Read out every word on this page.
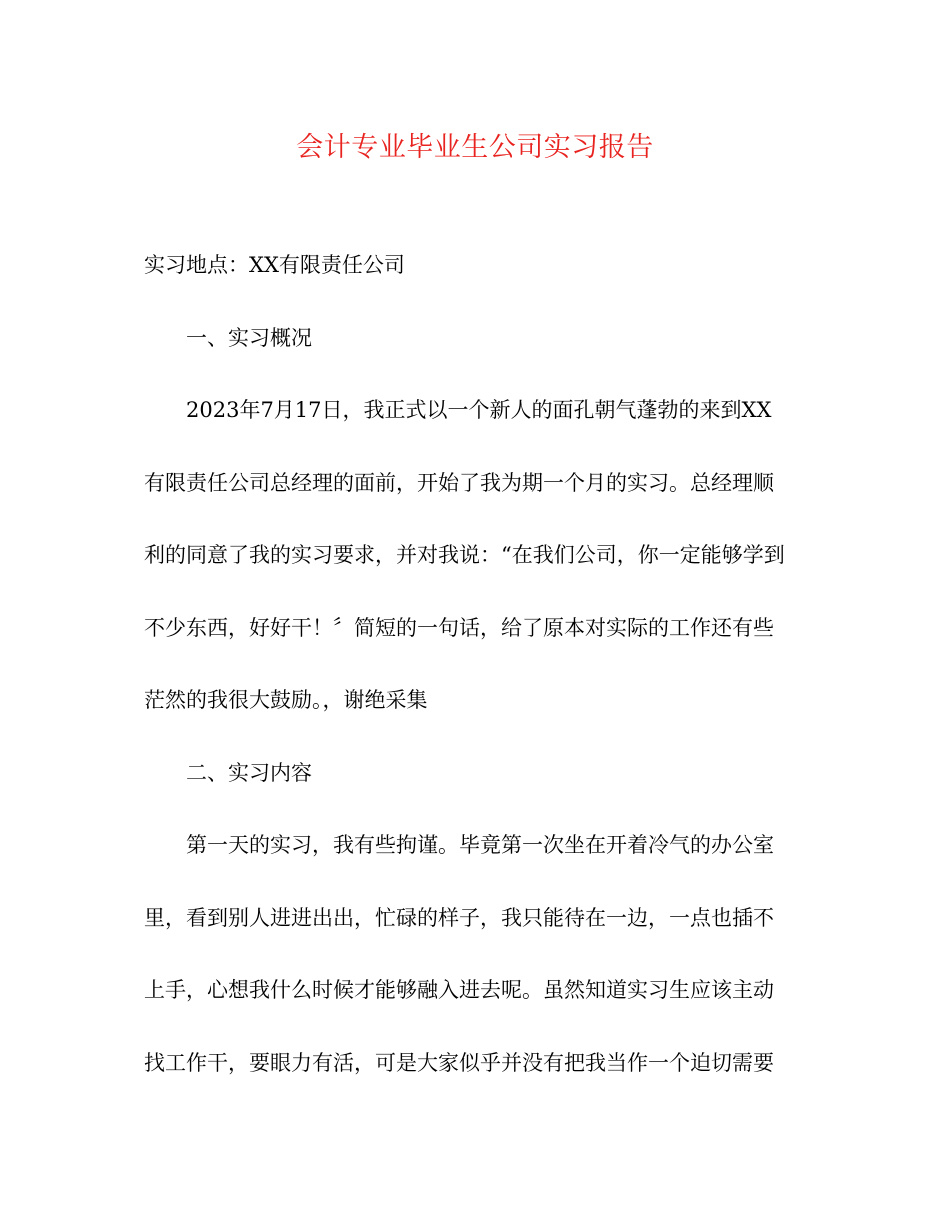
会计专业毕业生公司实习报告
实习地点：XX有限责任公司
一、实习概况
2023年7月17日，我正式以一个新人的面孔朝气蓬勃的来到XX
有限责任公司总经理的面前，开始了我为期一个月的实习。总经理顺
利的同意了我的实习要求，并对我说：“在我们公司，你一定能够学到
不少东西，好好干！〞简短的一句话，给了原本对实际的工作还有些
茫然的我很大鼓励。，谢绝采集
二、实习内容
第一天的实习，我有些拘谨。毕竟第一次坐在开着冷气的办公室
里，看到别人进进出出，忙碌的样子，我只能待在一边，一点也插不
上手，心想我什么时候才能够融入进去呢。虽然知道实习生应该主动
找工作干，要眼力有活，可是大家似乎并没有把我当作一个迫切需要
